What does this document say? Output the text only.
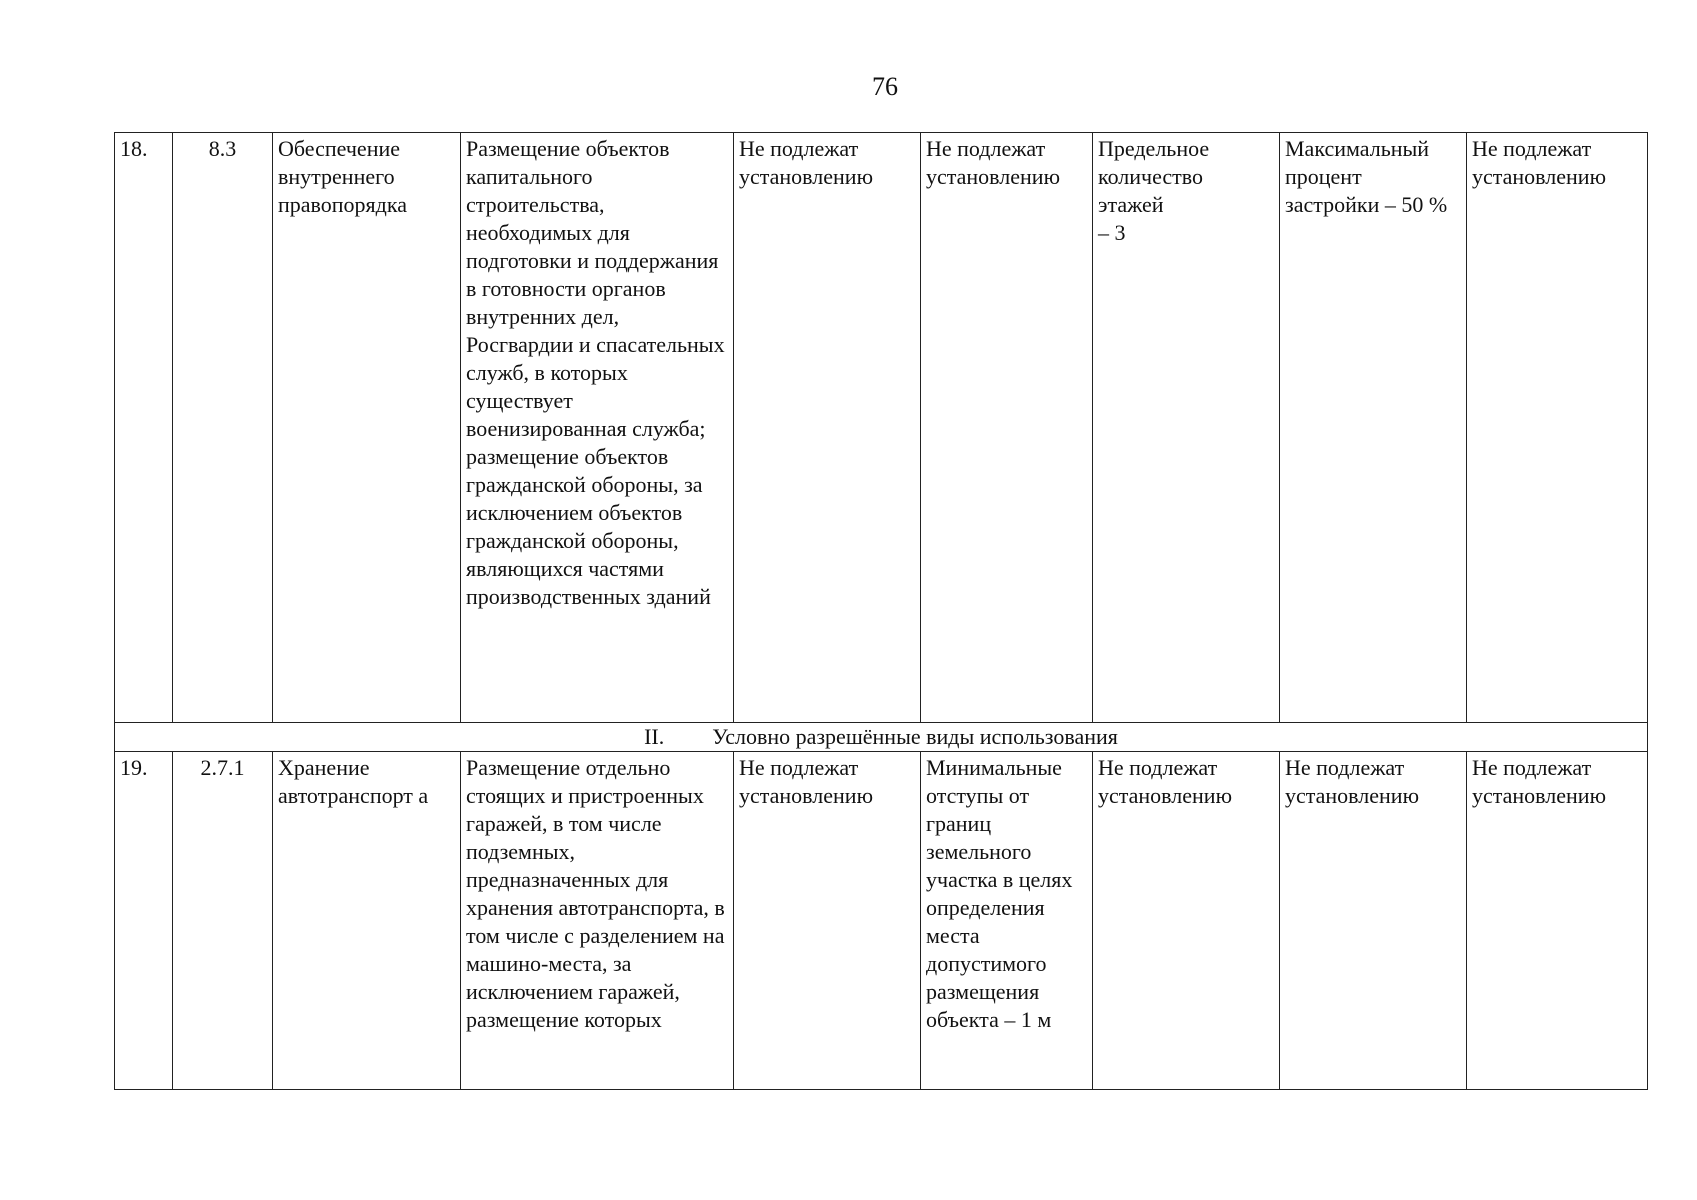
76
18.	8.3	Обеспечение внутреннего правопорядка	Размещение объектов капитального строительства, необходимых для подготовки и поддержания в готовности органов внутренних дел, Росгвардии и спасательных служб, в которых существует военизированная служба;
размещение объектов гражданской обороны, за исключением объектов гражданской обороны, являющихся частями производственных зданий	Не подлежат установлению	Не подлежат установлению	Предельное количество этажей
– 3	Максимальный процент застройки – 50 %	Не подлежат установлению
II. Условно разрешённые виды использования								
19.	2.7.1	Хранение автотранспорт а	Размещение отдельно стоящих и пристроенных гаражей, в том числе подземных, предназначенных для хранения автотранспорта, в том числе с разделением на машино-места, за исключением гаражей, размещение которых	Не подлежат установлению	Минимальные отступы от границ земельного участка в целях определения места допустимого размещения объекта – 1 м	Не подлежат установлению	Не подлежат установлению	Не подлежат установлению
